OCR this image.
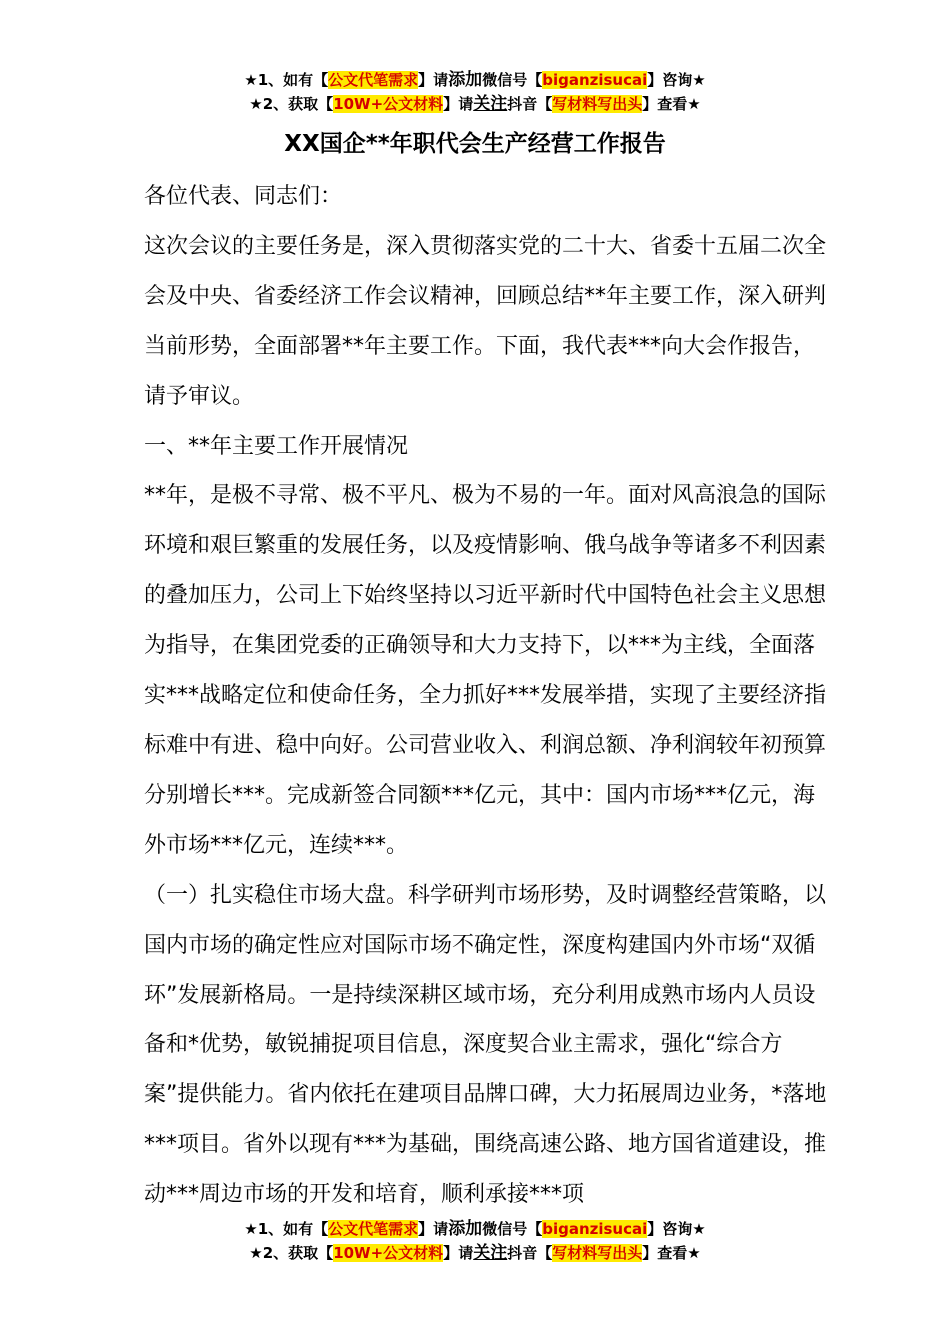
★1、如有【公文代笔需求】请添加微信号【biganzisucai】咨询★
★2、获取【10W+公文材料】请关注抖音【写材料写出头】查看★
XX国企**年职代会生产经营工作报告

各位代表、同志们：

这次会议的主要任务是，深入贯彻落实党的二十大、省委十五届二次全会及中央、省委经济工作会议精神，回顾总结**年主要工作，深入研判当前形势，全面部署**年主要工作。下面，我代表***向大会作报告，请予审议。

一、**年主要工作开展情况

**年，是极不寻常、极不平凡、极为不易的一年。面对风高浪急的国际环境和艰巨繁重的发展任务，以及疫情影响、俄乌战争等诸多不利因素的叠加压力，公司上下始终坚持以习近平新时代中国特色社会主义思想为指导，在集团党委的正确领导和大力支持下，以***为主线，全面落实***战略定位和使命任务，全力抓好***发展举措，实现了主要经济指标难中有进、稳中向好。公司营业收入、利润总额、净利润较年初预算分别增长***。完成新签合同额***亿元，其中：国内市场***亿元，海外市场***亿元，连续***。

（一）扎实稳住市场大盘。科学研判市场形势，及时调整经营策略，以国内市场的确定性应对国际市场不确定性，深度构建国内外市场“双循环”发展新格局。一是持续深耕区域市场，充分利用成熟市场内人员设备和*优势，敏锐捕捉项目信息，深度契合业主需求，强化“综合方案”提供能力。省内依托在建项目品牌口碑，大力拓展周边业务，*落地***项目。省外以现有***为基础，围绕高速公路、地方国省道建设，推动***周边市场的开发和培育，顺利承接***项

★1、如有【公文代笔需求】请添加微信号【biganzisucai】咨询★
★2、获取【10W+公文材料】请关注抖音【写材料写出头】查看★
